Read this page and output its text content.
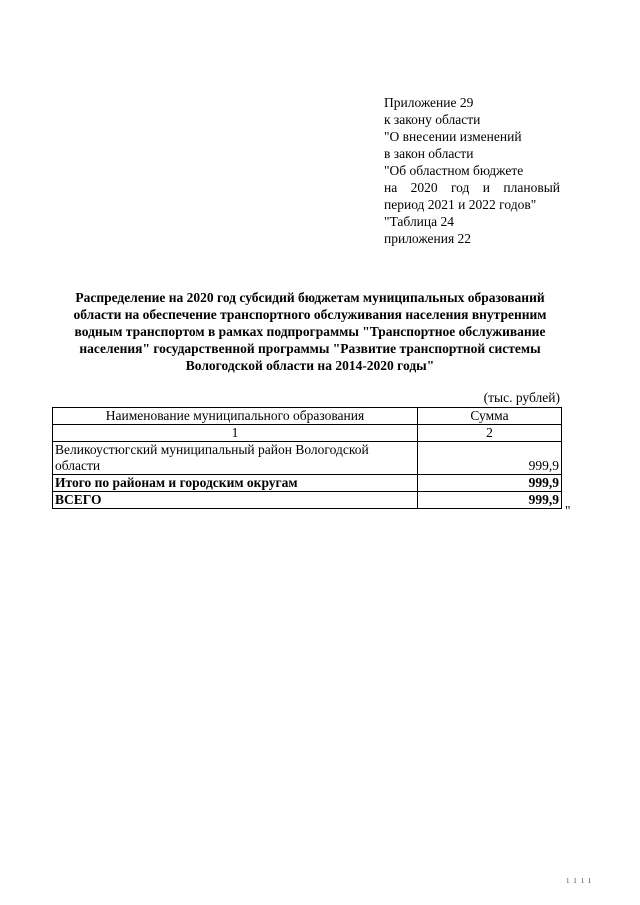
Приложение 29
к закону области
"О внесении изменений
в закон области
"Об областном бюджете
на 2020 год и плановый
период 2021 и 2022 годов"
"Таблица 24
приложения 22
Распределение на 2020 год субсидий бюджетам муниципальных образований области на обеспечение транспортного обслуживания населения внутренним водным транспортом в рамках подпрограммы "Транспортное обслуживание населения" государственной программы "Развитие транспортной системы Вологодской области на 2014-2020 годы"
(тыс. рублей)
Наименование муниципального образования	Сумма
1	2
Великоустюгский муниципальный район Вологодской области	999,9
Итого по районам и городским округам	999,9
ВСЕГО	999,9
"
1 1 1 1
